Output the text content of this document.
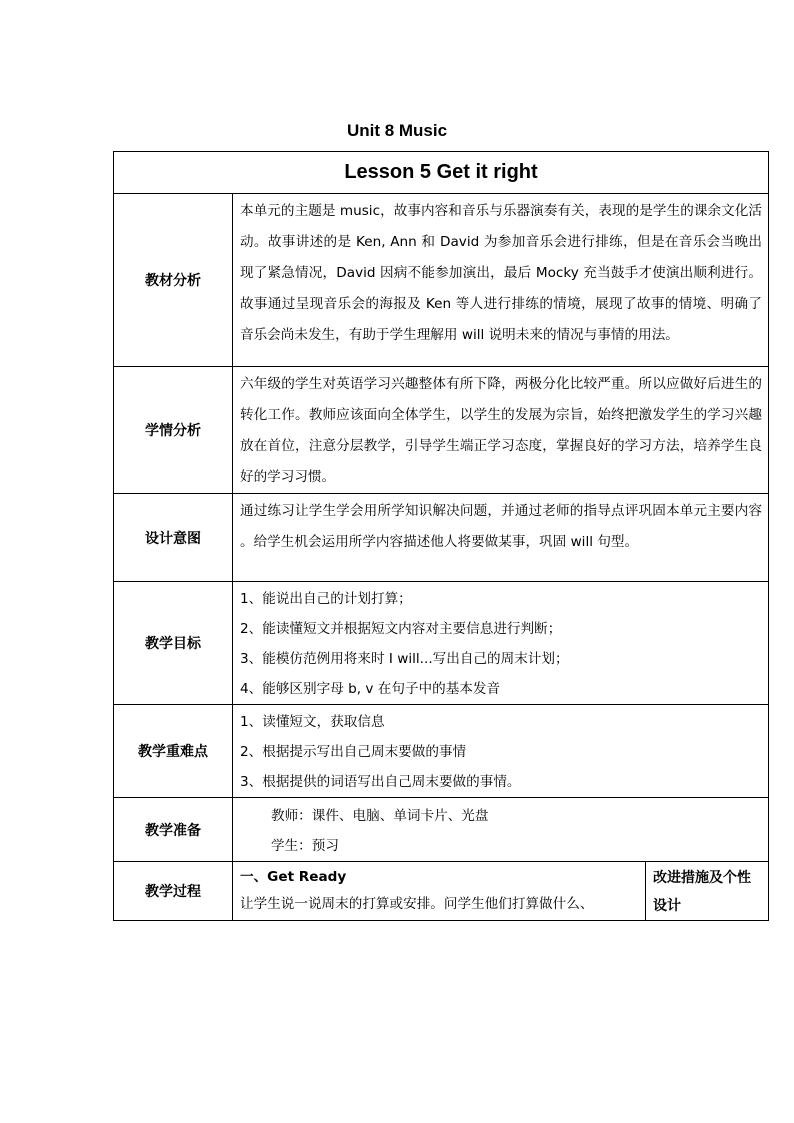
Unit 8 Music
Lesson 5 Get it right		
教材分析	本单元的主题是 music，故事内容和音乐与乐器演奏有关，表现的是学生的课余文化活动。故事讲述的是 Ken, Ann 和 David 为参加音乐会进行排练，但是在音乐会当晚出现了紧急情况，David 因病不能参加演出，最后 Mocky 充当鼓手才使演出顺利进行。故事通过呈现音乐会的海报及 Ken 等人进行排练的情境，展现了故事的情境、明确了音乐会尚未发生，有助于学生理解用 will 说明未来的情况与事情的用法。	
学情分析	六年级的学生对英语学习兴趣整体有所下降，两极分化比较严重。所以应做好后进生的转化工作。教师应该面向全体学生，以学生的发展为宗旨，始终把激发学生的学习兴趣放在首位，注意分层教学，引导学生端正学习态度，掌握良好的学习方法，培养学生良好的学习习惯。	
设计意图	通过练习让学生学会用所学知识解决问题，并通过老师的指导点评巩固本单元主要内容 。给学生机会运用所学内容描述他人将要做某事，巩固 will 句型。	
教学目标	1、能说出自己的计划打算；
2、能读懂短文并根据短文内容对主要信息进行判断；
3、能模仿范例用将来时 I will...写出自己的周末计划；
4、能够区别字母 b, v 在句子中的基本发音	

教学重难点	1、读懂短文，获取信息
2、根据提示写出自己周末要做的事情
3、根据提供的词语写出自己周末要做的事情。	

教学准备	教师：课件、电脑、单词卡片、光盘
学生：预习	

教学过程	一、Get Ready
让学生说一说周末的打算或安排。问学生他们打算做什么、	改进措施及个性设计
